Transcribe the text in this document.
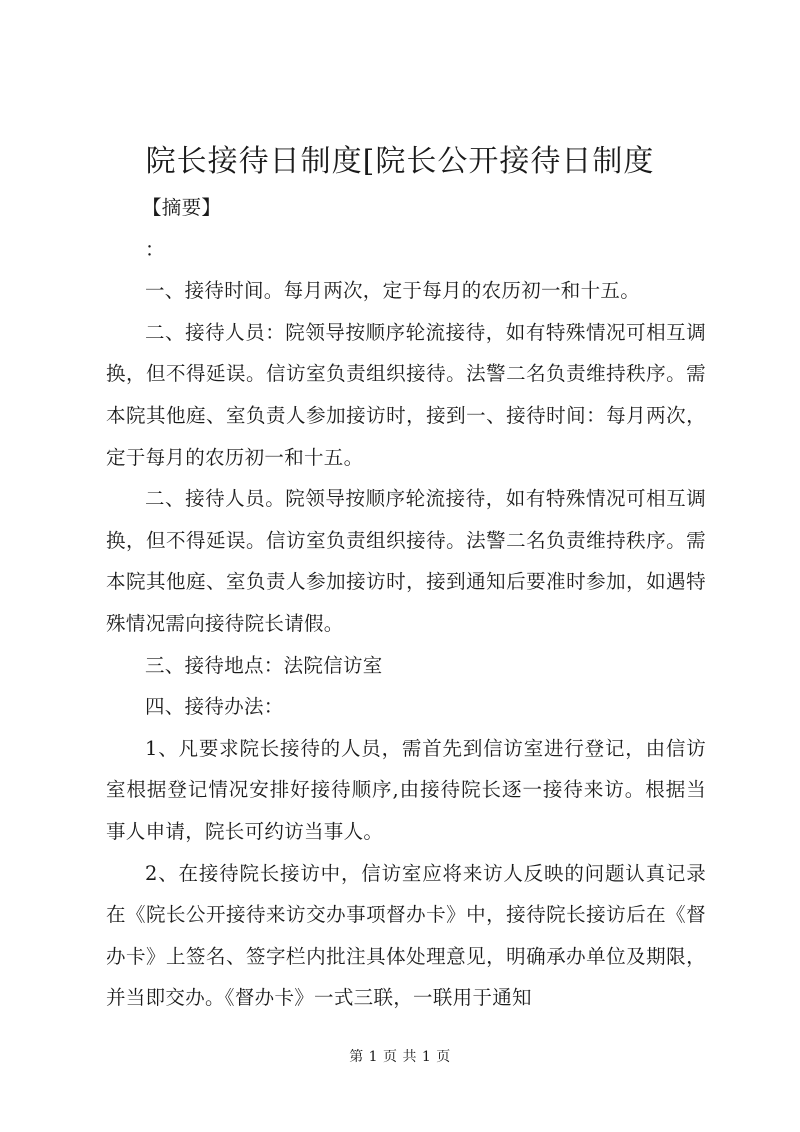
院长接待日制度[院长公开接待日制度

【摘要】

：

一、接待时间。每月两次，定于每月的农历初一和十五。

二、接待人员：院领导按顺序轮流接待，如有特殊情况可相互调换，但不得延误。信访室负责组织接待。法警二名负责维持秩序。需本院其他庭、室负责人参加接访时，接到一、接待时间：每月两次，定于每月的农历初一和十五。

二、接待人员。院领导按顺序轮流接待，如有特殊情况可相互调换，但不得延误。信访室负责组织接待。法警二名负责维持秩序。需本院其他庭、室负责人参加接访时，接到通知后要准时参加，如遇特殊情况需向接待院长请假。

三、接待地点：法院信访室

四、接待办法：

1、凡要求院长接待的人员，需首先到信访室进行登记，由信访室根据登记情况安排好接待顺序,由接待院长逐一接待来访。根据当事人申请，院长可约访当事人。

2、在接待院长接访中，信访室应将来访人反映的问题认真记录在《院长公开接待来访交办事项督办卡》中，接待院长接访后在《督办卡》上签名、签字栏内批注具体处理意见，明确承办单位及期限，并当即交办。《督办卡》一式三联，一联用于通知

第 1 页 共 1 页
